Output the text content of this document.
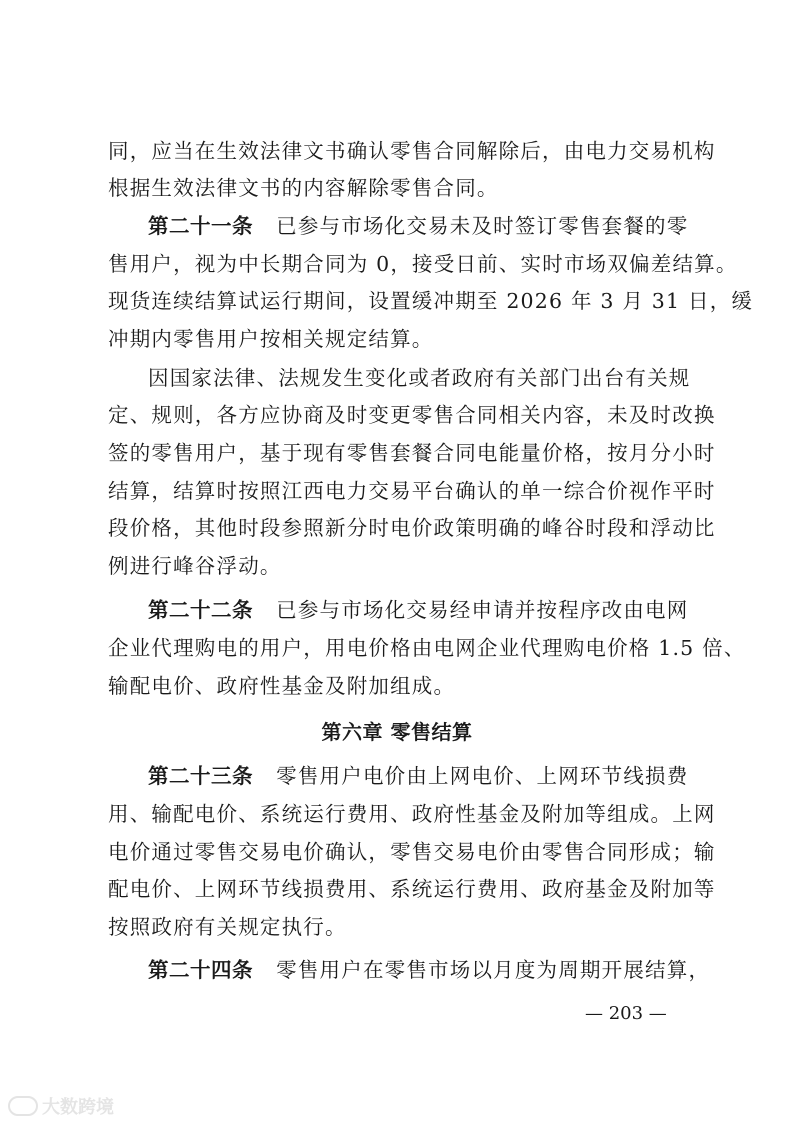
同，应当在生效法律文书确认零售合同解除后，由电力交易机构
根据生效法律文书的内容解除零售合同。
第二十一条 已参与市场化交易未及时签订零售套餐的零
售用户，视为中长期合同为 0，接受日前、实时市场双偏差结算。
现货连续结算试运行期间，设置缓冲期至 2026 年 3 月 31 日，缓
冲期内零售用户按相关规定结算。
因国家法律、法规发生变化或者政府有关部门出台有关规
定、规则，各方应协商及时变更零售合同相关内容，未及时改换
签的零售用户，基于现有零售套餐合同电能量价格，按月分小时
结算，结算时按照江西电力交易平台确认的单一综合价视作平时
段价格，其他时段参照新分时电价政策明确的峰谷时段和浮动比
例进行峰谷浮动。
第二十二条 已参与市场化交易经申请并按程序改由电网
企业代理购电的用户，用电价格由电网企业代理购电价格 1.5 倍、
输配电价、政府性基金及附加组成。
第六章 零售结算
第二十三条 零售用户电价由上网电价、上网环节线损费
用、输配电价、系统运行费用、政府性基金及附加等组成。上网
电价通过零售交易电价确认，零售交易电价由零售合同形成；输
配电价、上网环节线损费用、系统运行费用、政府基金及附加等
按照政府有关规定执行。
第二十四条 零售用户在零售市场以月度为周期开展结算，
— 203 —
大数跨境
